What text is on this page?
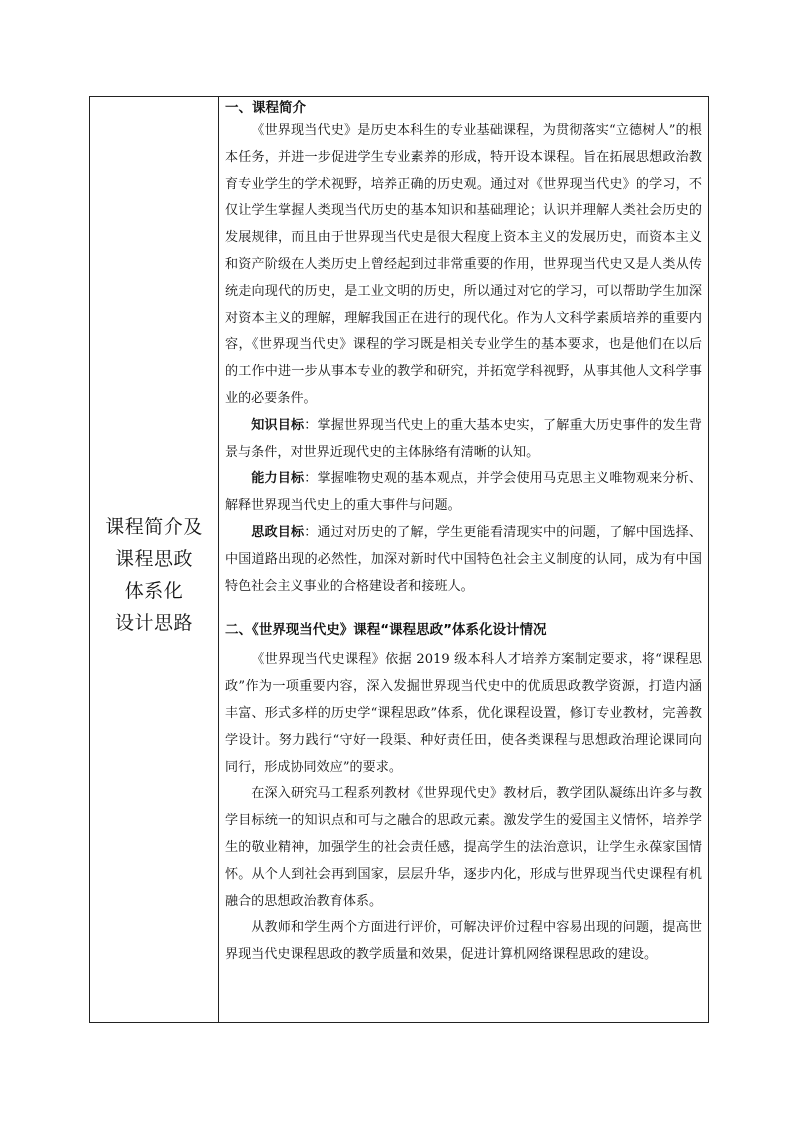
课程简介及
课程思政
体系化
设计思路

一、课程简介

《世界现当代史》是历史本科生的专业基础课程，为贯彻落实“立德树人”的根本任务，并进一步促进学生专业素养的形成，特开设本课程。旨在拓展思想政治教育专业学生的学术视野，培养正确的历史观。通过对《世界现当代史》的学习，不仅让学生掌握人类现当代历史的基本知识和基础理论；认识并理解人类社会历史的发展规律，而且由于世界现当代史是很大程度上资本主义的发展历史，而资本主义和资产阶级在人类历史上曾经起到过非常重要的作用，世界现当代史又是人类从传统走向现代的历史，是工业文明的历史，所以通过对它的学习，可以帮助学生加深对资本主义的理解，理解我国正在进行的现代化。作为人文科学素质培养的重要内容，《世界现当代史》课程的学习既是相关专业学生的基本要求，也是他们在以后的工作中进一步从事本专业的教学和研究，并拓宽学科视野，从事其他人文科学事业的必要条件。

知识目标：掌握世界现当代史上的重大基本史实，了解重大历史事件的发生背景与条件，对世界近现代史的主体脉络有清晰的认知。

能力目标：掌握唯物史观的基本观点，并学会使用马克思主义唯物观来分析、解释世界现当代史上的重大事件与问题。

思政目标：通过对历史的了解，学生更能看清现实中的问题，了解中国选择、中国道路出现的必然性，加深对新时代中国特色社会主义制度的认同，成为有中国特色社会主义事业的合格建设者和接班人。

二、《世界现当代史》课程“课程思政”体系化设计情况

《世界现当代史课程》依据 2019 级本科人才培养方案制定要求，将“课程思政”作为一项重要内容，深入发掘世界现当代史中的优质思政教学资源，打造内涵丰富、形式多样的历史学“课程思政”体系，优化课程设置，修订专业教材，完善教学设计。努力践行“守好一段渠、种好责任田，使各类课程与思想政治理论课同向同行，形成协同效应”的要求。

在深入研究马工程系列教材《世界现代史》教材后，教学团队凝练出许多与教学目标统一的知识点和可与之融合的思政元素。激发学生的爱国主义情怀，培养学生的敬业精神，加强学生的社会责任感，提高学生的法治意识，让学生永葆家国情怀。从个人到社会再到国家，层层升华，逐步内化，形成与世界现当代史课程有机融合的思想政治教育体系。

从教师和学生两个方面进行评价，可解决评价过程中容易出现的问题，提高世界现当代史课程思政的教学质量和效果，促进计算机网络课程思政的建设。
